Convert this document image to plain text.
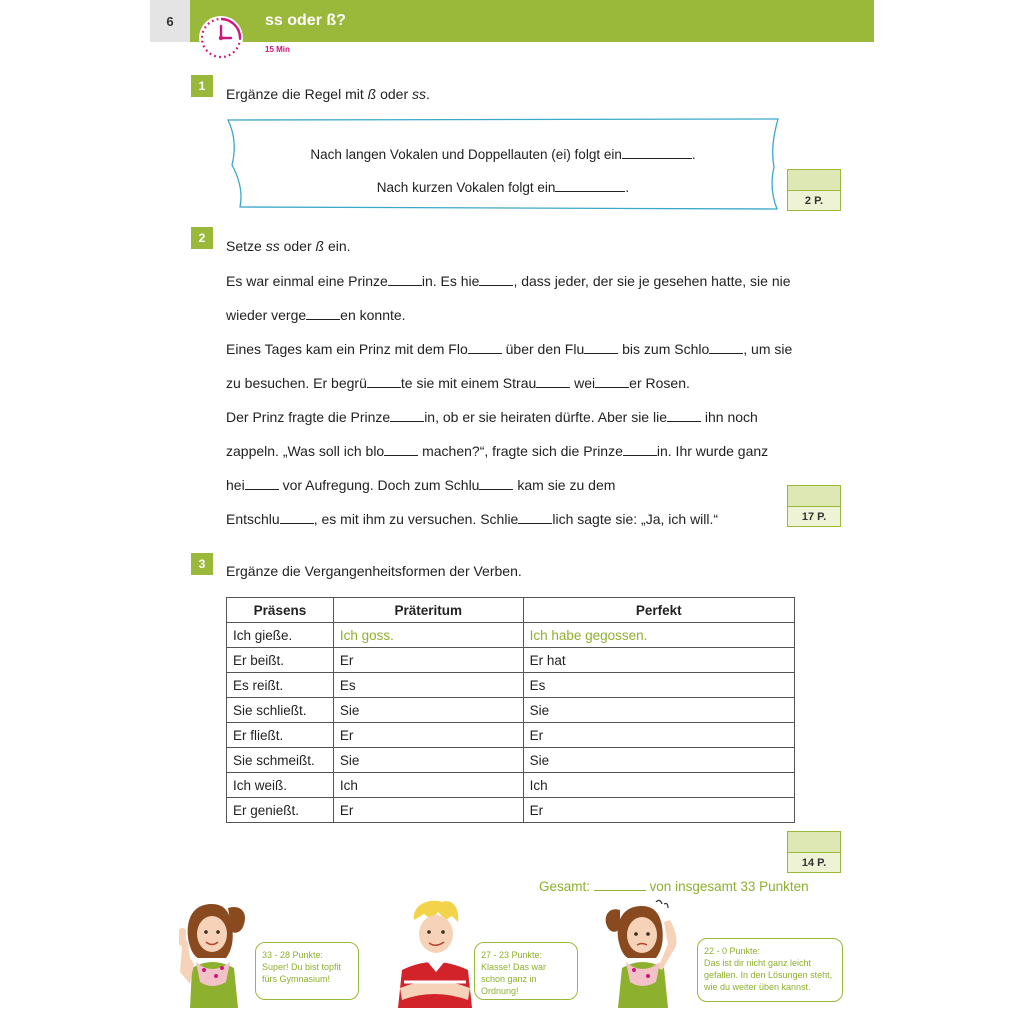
6	ss oder ß?
15 Min
1	Ergänze die Regel mit ß oder ss.
Nach langen Vokalen und Doppellauten (ei) folgt ein	.
Nach kurzen Vokalen folgt ein	.
2 P.
2	Setze ss oder ß ein.
Es war einmal eine Prinze in. Es hie , dass jeder, der sie je gesehen hatte, sie nie
wieder verge en konnte.
Eines Tages kam ein Prinz mit dem Flo über den Flu bis zum Schlo , um sie
zu besuchen. Er begrü te sie mit einem Strau wei er Rosen.
Der Prinz fragte die Prinze in, ob er sie heiraten dürfte. Aber sie lie ihn noch
zappeln. „Was soll ich blo machen?“, fragte sich die Prinze in. Ihr wurde ganz
hei vor Aufregung. Doch zum Schlu kam sie zu dem
Entschlu , es mit ihm zu versuchen. Schlie lich sagte sie: „Ja, ich will.“	17 P.
3	Ergänze die Vergangenheitsformen der Verben.
Präsens	Präteritum	Perfekt
Ich gieße.	Ich goss.	Ich habe gegossen.
Er beißt.	Er	Er hat
Es reißt.	Es	Es
Sie schließt.	Sie	Sie
Er fließt.	Er	Er
Sie schmeißt.	Sie	Sie
Ich weiß.	Ich	Ich
Er genießt.	Er	Er
14 P.
Gesamt:	von insgesamt 33 Punkten
33 - 28 Punkte:
Super! Du bist topfit fürs Gymnasium!
27 - 23 Punkte:
Klasse! Das war schon ganz in Ordnung!
22 - 0 Punkte:
Das ist dir nicht ganz leicht gefallen. In den Lösungen steht, wie du weiter üben kannst.
